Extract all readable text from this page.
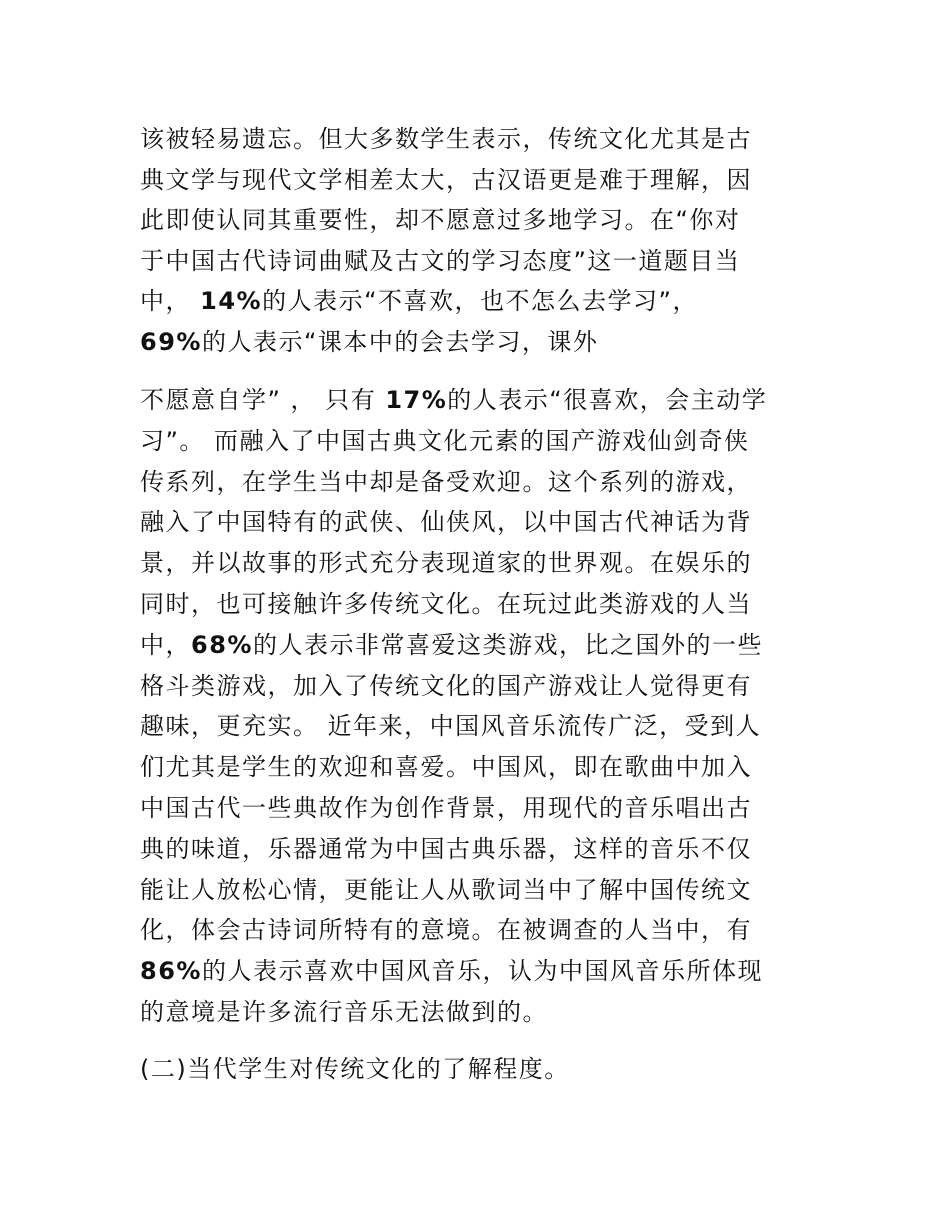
该被轻易遗忘。但大多数学生表示，传统文化尤其是古
典文学与现代文学相差太大，古汉语更是难于理解，因
此即使认同其重要性，却不愿意过多地学习。在“你对
于中国古代诗词曲赋及古文的学习态度”这一道题目当
中， 14%的人表示“不喜欢，也不怎么去学习”，
69%的人表示“课本中的会去学习，课外
不愿意自学” ， 只有 17%的人表示“很喜欢，会主动学
习”。 而融入了中国古典文化元素的国产游戏仙剑奇侠
传系列，在学生当中却是备受欢迎。这个系列的游戏，
融入了中国特有的武侠、仙侠风，以中国古代神话为背
景，并以故事的形式充分表现道家的世界观。在娱乐的
同时，也可接触许多传统文化。在玩过此类游戏的人当
中，68%的人表示非常喜爱这类游戏，比之国外的一些
格斗类游戏，加入了传统文化的国产游戏让人觉得更有
趣味，更充实。 近年来，中国风音乐流传广泛，受到人
们尤其是学生的欢迎和喜爱。中国风，即在歌曲中加入
中国古代一些典故作为创作背景，用现代的音乐唱出古
典的味道，乐器通常为中国古典乐器，这样的音乐不仅
能让人放松心情，更能让人从歌词当中了解中国传统文
化，体会古诗词所特有的意境。在被调查的人当中，有
86%的人表示喜欢中国风音乐，认为中国风音乐所体现
的意境是许多流行音乐无法做到的。
(二)当代学生对传统文化的了解程度。
